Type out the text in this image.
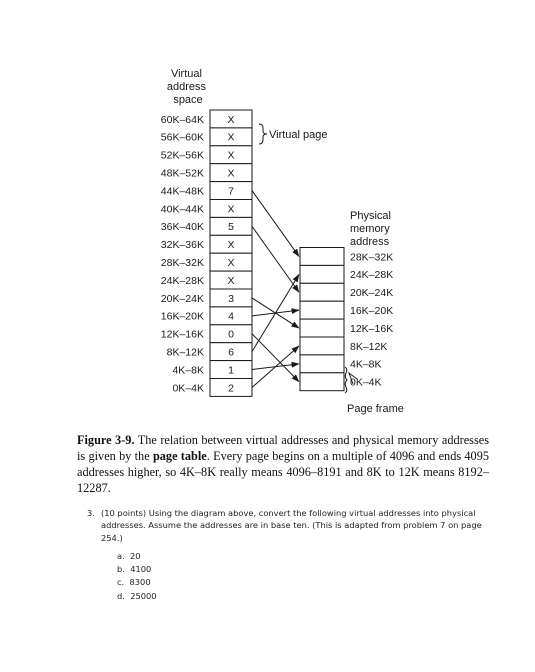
Virtual address space
60K–64K
56K–60K
52K–56K
48K–52K
44K–48K
40K–44K
36K–40K
32K–36K
28K–32K
24K–28K
20K–24K
16K–20K
12K–16K
8K–12K
4K–8K
0K–4K
X
X
X
X
7
X
5
X
X
X
3
4
0
6
1
2
Virtual page
Physical memory address
28K–32K
24K–28K
20K–24K
16K–20K
12K–16K
8K–12K
4K–8K
0K–4K
Page frame
Figure 3-9. The relation between virtual addresses and physical memory addresses is given by the page table. Every page begins on a multiple of 4096 and ends 4095 addresses higher, so 4K–8K really means 4096–8191 and 8K to 12K means 8192–12287.
3. (10 points) Using the diagram above, convert the following virtual addresses into physical addresses. Assume the addresses are in base ten. (This is adapted from problem 7 on page 254.)
a. 20
b. 4100
c. 8300
d. 25000
